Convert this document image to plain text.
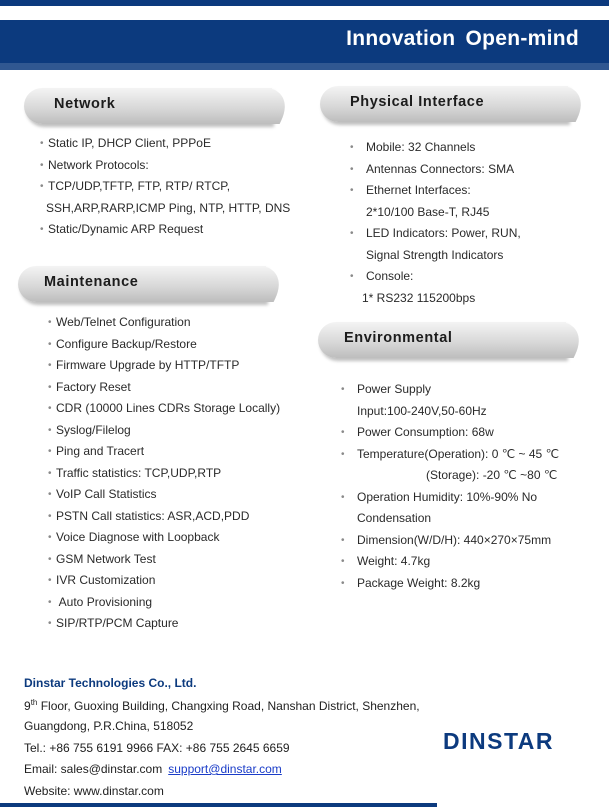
Innovation Open-mind
Network
• Static IP, DHCP Client, PPPoE
• Network Protocols:
• TCP/UDP,TFTP, FTP, RTP/ RTCP,
SSH,ARP,RARP,ICMP Ping, NTP, HTTP, DNS
• Static/Dynamic ARP Request
Maintenance
• Web/Telnet Configuration
• Configure Backup/Restore
• Firmware Upgrade by HTTP/TFTP
• Factory Reset
• CDR (10000 Lines CDRs Storage Locally)
• Syslog/Filelog
• Ping and Tracert
• Traffic statistics: TCP,UDP,RTP
• VoIP Call Statistics
• PSTN Call statistics: ASR,ACD,PDD
• Voice Diagnose with Loopback
• GSM Network Test
• IVR Customization
• Auto Provisioning
• SIP/RTP/PCM Capture
Physical Interface
• Mobile: 32 Channels
• Antennas Connectors: SMA
• Ethernet Interfaces:
2*10/100 Base-T, RJ45
• LED Indicators: Power, RUN,
Signal Strength Indicators
• Console:
1* RS232 115200bps
Environmental
• Power Supply
Input:100-240V,50-60Hz
• Power Consumption: 68w
• Temperature(Operation): 0 ℃ ~ 45 ℃
(Storage): -20 ℃ ~80 ℃
• Operation Humidity: 10%-90% No
Condensation
• Dimension(W/D/H): 440×270×75mm
• Weight: 4.7kg
• Package Weight: 8.2kg
Dinstar Technologies Co., Ltd.
9th Floor, Guoxing Building, Changxing Road, Nanshan District, Shenzhen,
Guangdong, P.R.China, 518052
Tel.: +86 755 6191 9966 FAX: +86 755 2645 6659
Email: sales@dinstar.com support@dinstar.com
Website: www.dinstar.com
DINSTAR
